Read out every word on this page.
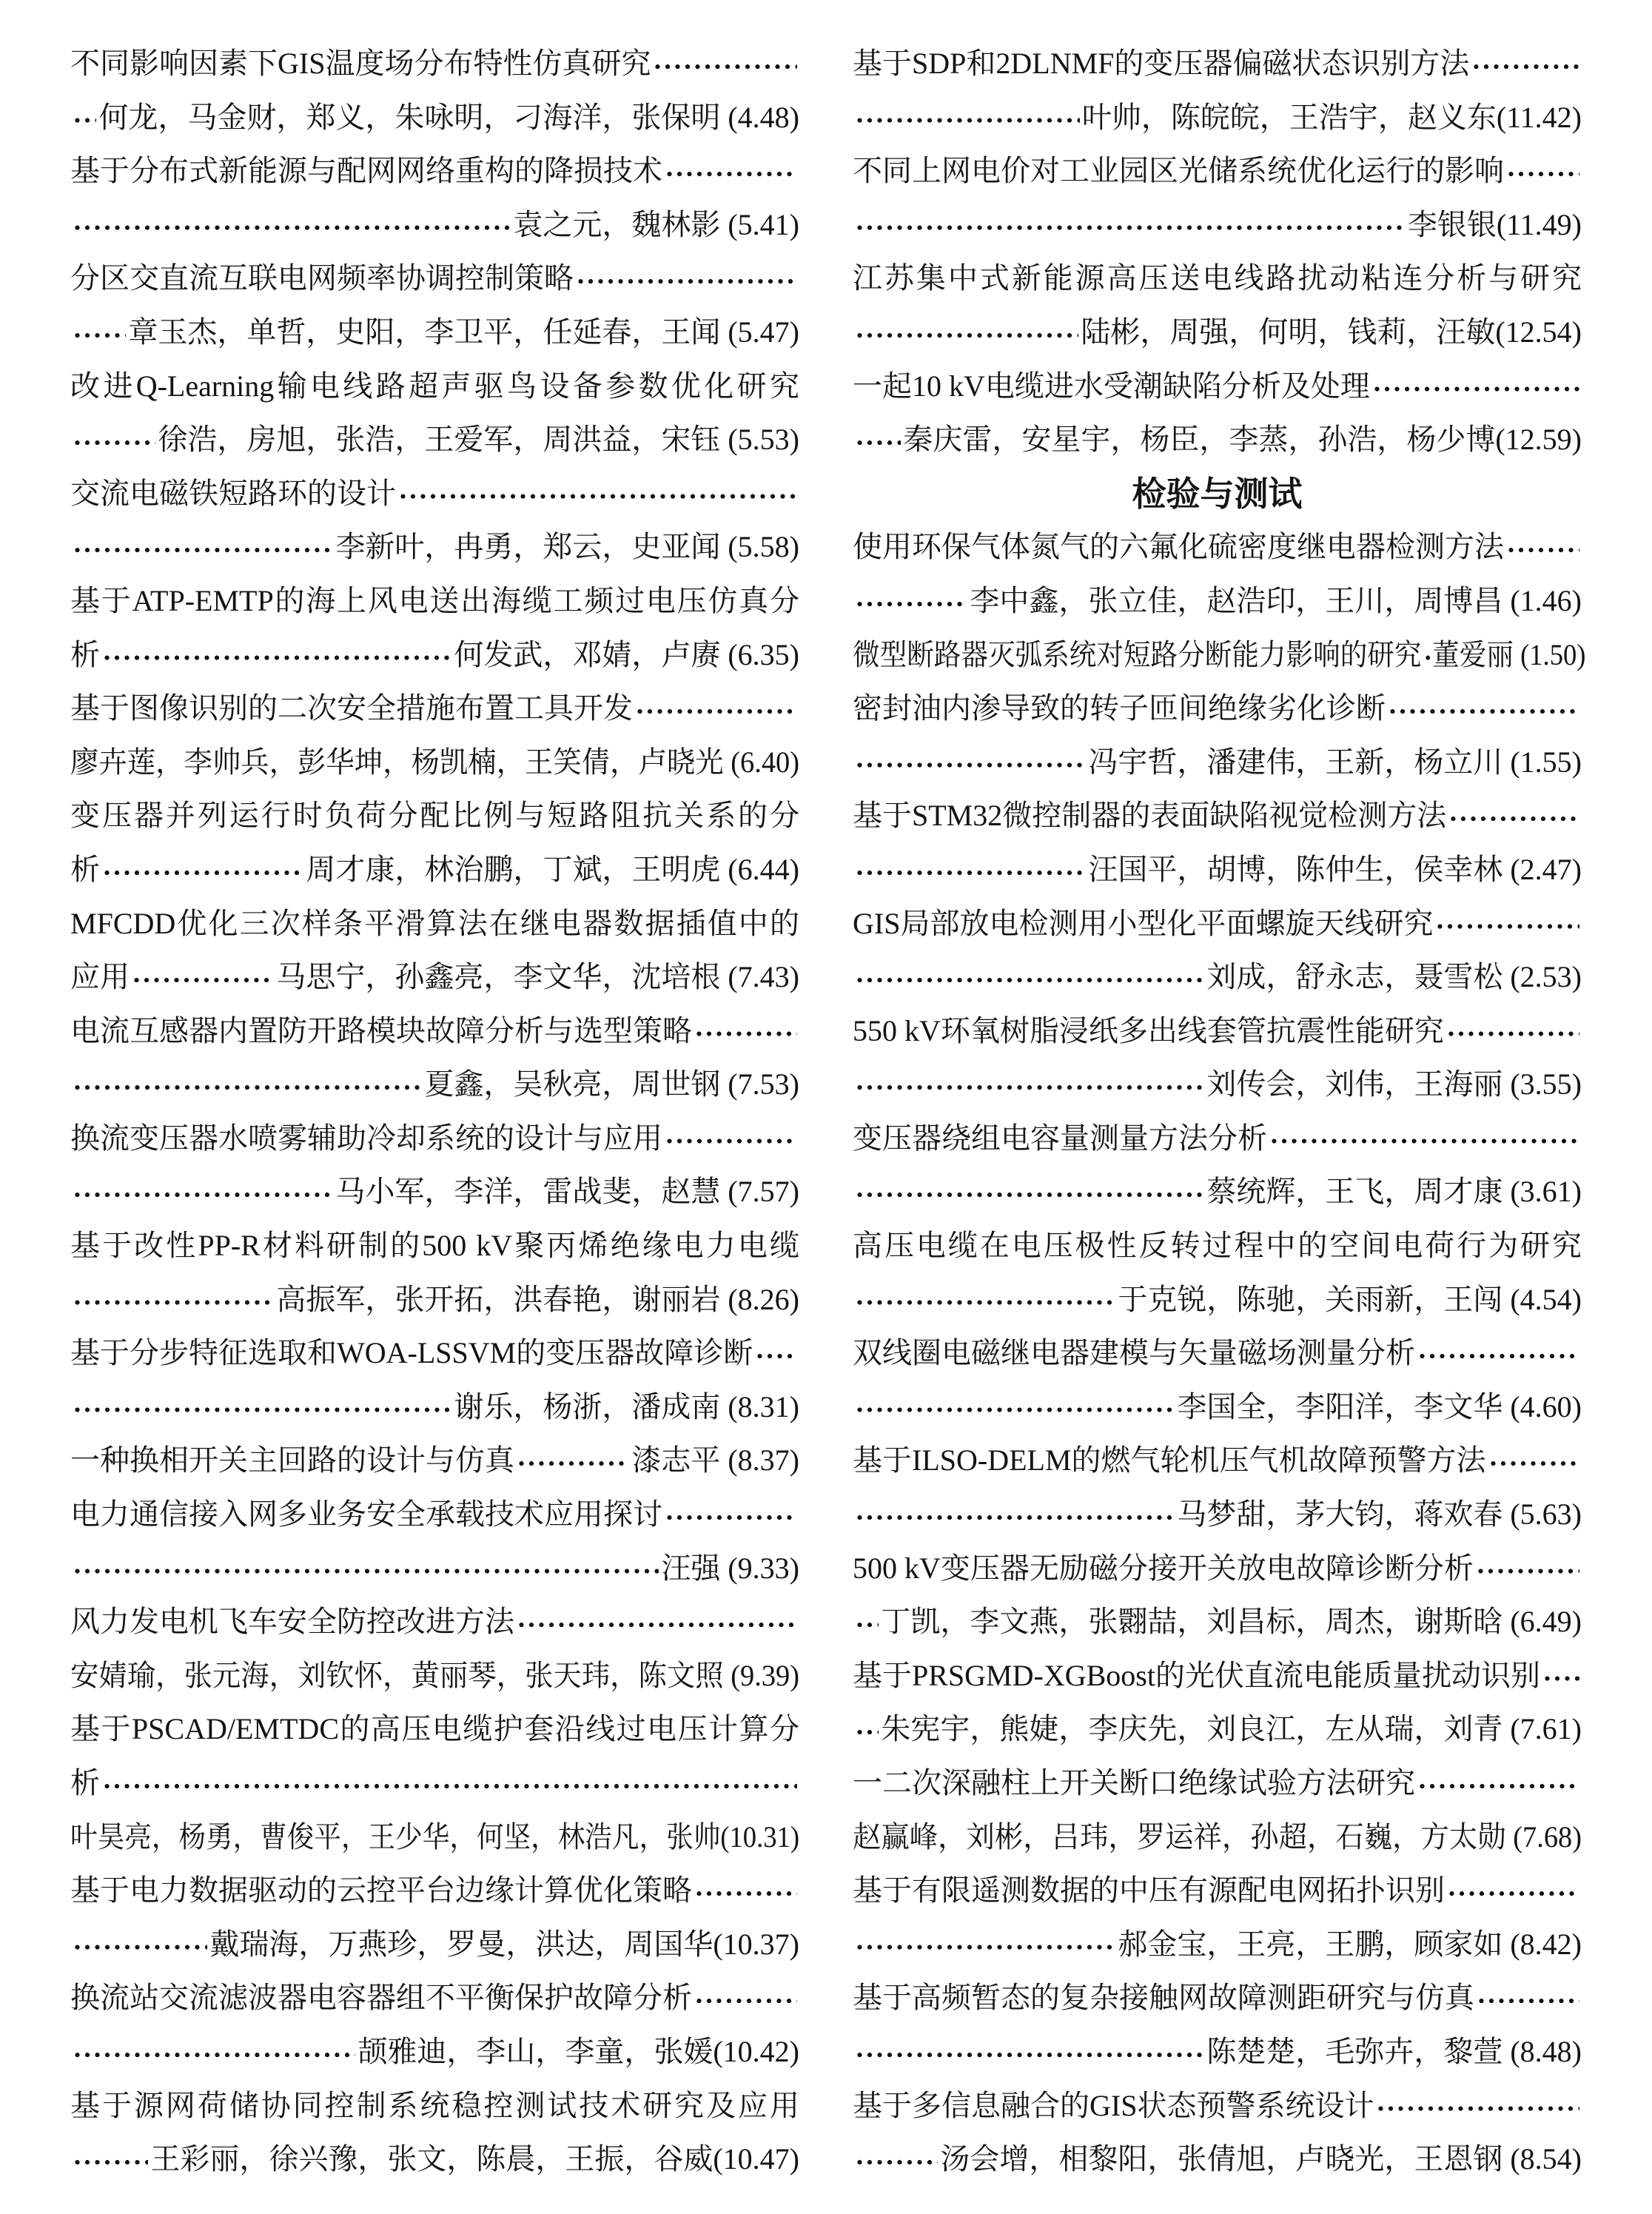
不同影响因素下GIS温度场分布特性仿真研究
何龙，马金财，郑义，朱咏明，刁海洋，张保明 (4.48)
基于分布式新能源与配网网络重构的降损技术
袁之元，魏林影 (5.41)
分区交直流互联电网频率协调控制策略
章玉杰，单哲，史阳，李卫平，任延春，王闻 (5.47)
改进Q-Learning输电线路超声驱鸟设备参数优化研究
徐浩，房旭，张浩，王爱军，周洪益，宋钰 (5.53)
交流电磁铁短路环的设计
李新叶，冉勇，郑云，史亚闻 (5.58)
基于ATP-EMTP的海上风电送出海缆工频过电压仿真分
析	何发武，邓婧，卢赓 (6.35)
基于图像识别的二次安全措施布置工具开发
廖卉莲，李帅兵，彭华坤，杨凯楠，王笑倩，卢晓光 (6.40)
变压器并列运行时负荷分配比例与短路阻抗关系的分
析	周才康，林治鹏，丁斌，王明虎 (6.44)
MFCDD优化三次样条平滑算法在继电器数据插值中的
应用	马思宁，孙鑫亮，李文华，沈培根 (7.43)
电流互感器内置防开路模块故障分析与选型策略
夏鑫，吴秋亮，周世钢 (7.53)
换流变压器水喷雾辅助冷却系统的设计与应用
马小军，李洋，雷战斐，赵慧 (7.57)
基于改性PP-R材料研制的500 kV聚丙烯绝缘电力电缆
高振军，张开拓，洪春艳，谢丽岩 (8.26)
基于分步特征选取和WOA-LSSVM的变压器故障诊断
谢乐，杨浙，潘成南 (8.31)
一种换相开关主回路的设计与仿真	漆志平 (8.37)
电力通信接入网多业务安全承载技术应用探讨
汪强 (9.33)
风力发电机飞车安全防控改进方法
安婧瑜，张元海，刘钦怀，黄丽琴，张天玮，陈文照 (9.39)
基于PSCAD/EMTDC的高压电缆护套沿线过电压计算分
析
叶昊亮，杨勇，曹俊平，王少华，何坚，林浩凡，张帅(10.31)
基于电力数据驱动的云控平台边缘计算优化策略
戴瑞海，万燕珍，罗曼，洪达，周国华(10.37)
换流站交流滤波器电容器组不平衡保护故障分析
颉雅迪，李山，李童，张媛(10.42)
基于源网荷储协同控制系统稳控测试技术研究及应用
王彩丽，徐兴豫，张文，陈晨，王振，谷威(10.47)
基于SDP和2DLNMF的变压器偏磁状态识别方法
叶帅，陈皖皖，王浩宇，赵义东(11.42)
不同上网电价对工业园区光储系统优化运行的影响
李银银(11.49)
江苏集中式新能源高压送电线路扰动粘连分析与研究
陆彬，周强，何明，钱莉，汪敏(12.54)
一起10 kV电缆进水受潮缺陷分析及处理
秦庆雷，安星宇，杨臣，李蒸，孙浩，杨少博(12.59)
检验与测试
使用环保气体氮气的六氟化硫密度继电器检测方法
李中鑫，张立佳，赵浩印，王川，周博昌 (1.46)
微型断路器灭弧系统对短路分断能力影响的研究 董爱丽 (1.50)
密封油内渗导致的转子匝间绝缘劣化诊断
冯宇哲，潘建伟，王新，杨立川 (1.55)
基于STM32微控制器的表面缺陷视觉检测方法
汪国平，胡博，陈仲生，侯幸林 (2.47)
GIS局部放电检测用小型化平面螺旋天线研究
刘成，舒永志，聂雪松 (2.53)
550 kV环氧树脂浸纸多出线套管抗震性能研究
刘传会，刘伟，王海丽 (3.55)
变压器绕组电容量测量方法分析
蔡统辉，王飞，周才康 (3.61)
高压电缆在电压极性反转过程中的空间电荷行为研究
于克锐，陈驰，关雨新，王闯 (4.54)
双线圈电磁继电器建模与矢量磁场测量分析
李国全，李阳洋，李文华 (4.60)
基于ILSO-DELM的燃气轮机压气机故障预警方法
马梦甜，茅大钧，蒋欢春 (5.63)
500 kV变压器无励磁分接开关放电故障诊断分析
丁凯，李文燕，张翾喆，刘昌标，周杰，谢斯晗 (6.49)
基于PRSGMD-XGBoost的光伏直流电能质量扰动识别
朱宪宇，熊婕，李庆先，刘良江，左从瑞，刘青 (7.61)
一二次深融柱上开关断口绝缘试验方法研究
赵赢峰，刘彬，吕玮，罗运祥，孙超，石巍，方太勋 (7.68)
基于有限遥测数据的中压有源配电网拓扑识别
郝金宝，王亮，王鹏，顾家如 (8.42)
基于高频暂态的复杂接触网故障测距研究与仿真
陈楚楚，毛弥卉，黎萱 (8.48)
基于多信息融合的GIS状态预警系统设计
汤会增，相黎阳，张倩旭，卢晓光，王恩钢 (8.54)
